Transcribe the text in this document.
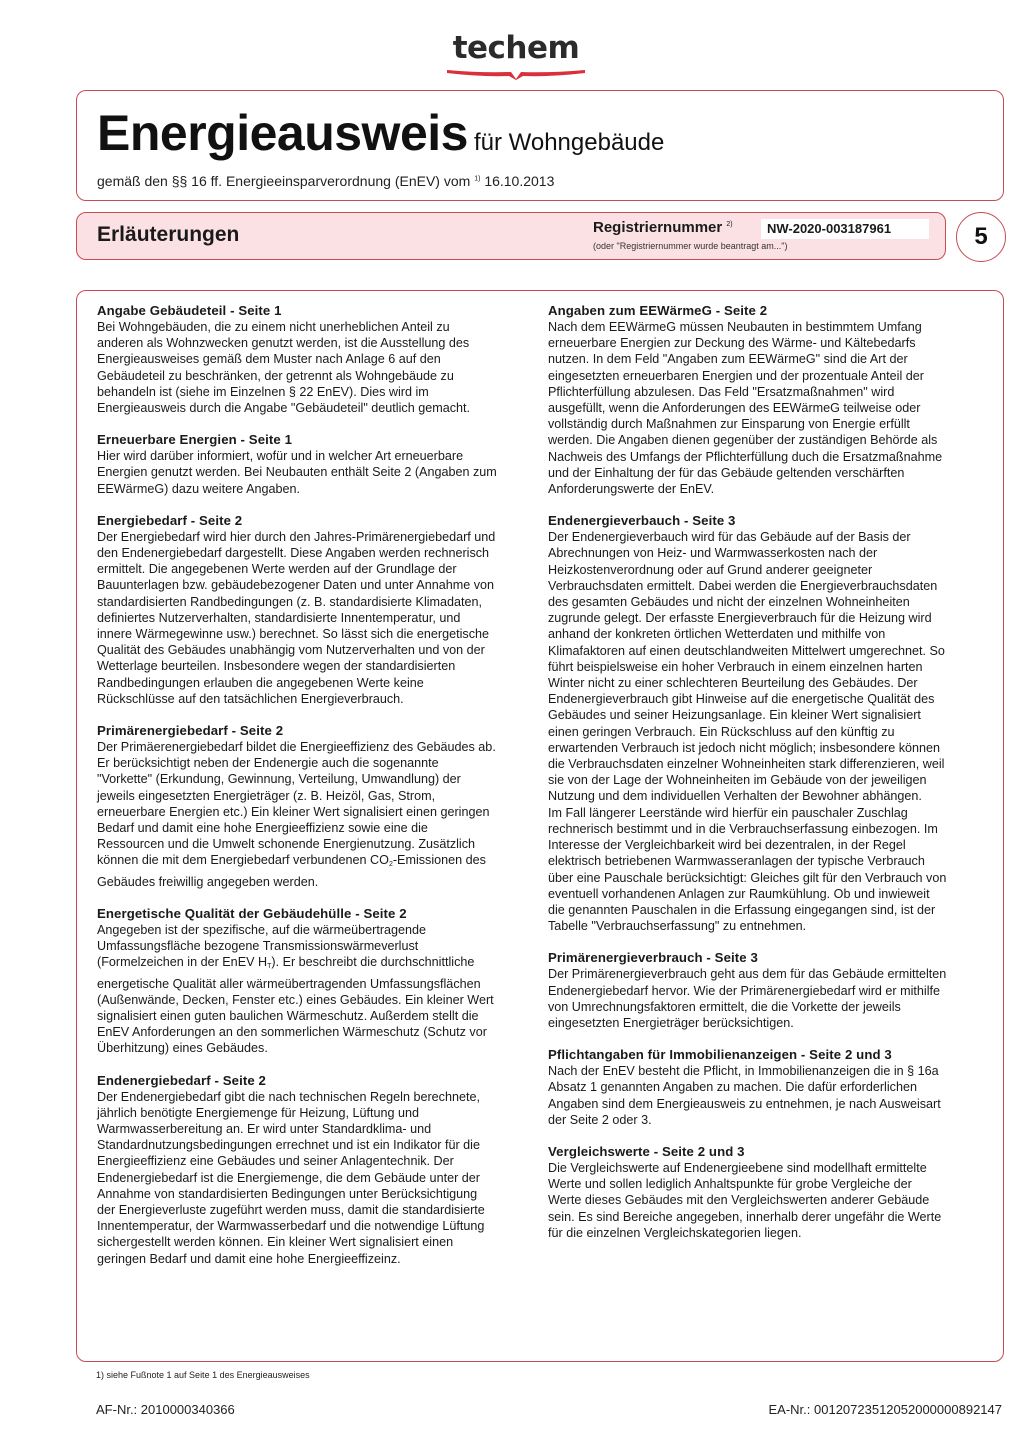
techem
Energieausweis für Wohngebäude
gemäß den §§ 16 ff. Energieeinsparverordnung (EnEV) vom $^{1)}$ 16.10.2013
Erläuterungen	Registriernummer $^{2)}$
(oder "Registriernummer wurde beantragt am...")
NW-2020-003187961	5
Angabe Gebäudeteil - Seite 1

Bei Wohngebäuden, die zu einem nicht unerheblichen Anteil zu anderen als Wohnzwecken genutzt werden, ist die Ausstellung des Energieausweises gemäß dem Muster nach Anlage 6 auf den Gebäudeteil zu beschränken, der getrennt als Wohngebäude zu behandeln ist (siehe im Einzelnen § 22 EnEV). Dies wird im Energieausweis durch die Angabe "Gebäudeteil" deutlich gemacht.

Erneuerbare Energien - Seite 1

Hier wird darüber informiert, wofür und in welcher Art erneuerbare Energien genutzt werden. Bei Neubauten enthält Seite 2 (Angaben zum EEWärmeG) dazu weitere Angaben.

Energiebedarf - Seite 2

Der Energiebedarf wird hier durch den Jahres-Primärenergiebedarf und den Endenergiebedarf dargestellt. Diese Angaben werden rechnerisch ermittelt. Die angegebenen Werte werden auf der Grundlage der Bauunterlagen bzw. gebäudebezogener Daten und unter Annahme von standardisierten Randbedingungen (z. B. standardisierte Klimadaten, definiertes Nutzerverhalten, standardisierte Innentemperatur, und innere Wärmegewinne usw.) berechnet. So lässt sich die energetische Qualität des Gebäudes unabhängig vom Nutzerverhalten und von der Wetterlage beurteilen. Insbesondere wegen der standardisierten Randbedingungen erlauben die angegebenen Werte keine Rückschlüsse auf den tatsächlichen Energieverbrauch.

Primärenergiebedarf - Seite 2

Der Primäerenergiebedarf bildet die Energieeffizienz des Gebäudes ab. Er berücksichtigt neben der Endenergie auch die sogenannte "Vorkette" (Erkundung, Gewinnung, Verteilung, Umwandlung) der jeweils eingesetzten Energieträger (z. B. Heizöl, Gas, Strom, erneuerbare Energien etc.) Ein kleiner Wert signalisiert einen geringen Bedarf und damit eine hohe Energieeffizienz sowie eine die Ressourcen und die Umwelt schonende Energienutzung. Zusätzlich können die mit dem Energiebedarf verbundenen CO2-Emissionen des Gebäudes freiwillig angegeben werden.

Energetische Qualität der Gebäudehülle - Seite 2

Angegeben ist der spezifische, auf die wärmeübertragende Umfassungsfläche bezogene Transmissionswärmeverlust (Formelzeichen in der EnEV HT). Er beschreibt die durchschnittliche energetische Qualität aller wärmeübertragenden Umfassungsflächen (Außenwände, Decken, Fenster etc.) eines Gebäudes. Ein kleiner Wert signalisiert einen guten baulichen Wärmeschutz. Außerdem stellt die EnEV Anforderungen an den sommerlichen Wärmeschutz (Schutz vor Überhitzung) eines Gebäudes.

Endenergiebedarf - Seite 2

Der Endenergiebedarf gibt die nach technischen Regeln berechnete, jährlich benötigte Energiemenge für Heizung, Lüftung und Warmwasserbereitung an. Er wird unter Standardklima- und Standardnutzungsbedingungen errechnet und ist ein Indikator für die Energieeffizienz eine Gebäudes und seiner Anlagentechnik. Der Endenergiebedarf ist die Energiemenge, die dem Gebäude unter der Annahme von standardisierten Bedingungen unter Berücksichtigung der Energieverluste zugeführt werden muss, damit die standardisierte Innentemperatur, der Warmwasserbedarf und die notwendige Lüftung sichergestellt werden können. Ein kleiner Wert signalisiert einen geringen Bedarf und damit eine hohe Energieeffizeinz.

Angaben zum EEWärmeG - Seite 2

Nach dem EEWärmeG müssen Neubauten in bestimmtem Umfang erneuerbare Energien zur Deckung des Wärme- und Kältebedarfs nutzen. In dem Feld "Angaben zum EEWärmeG" sind die Art der eingesetzten erneuerbaren Energien und der prozentuale Anteil der Pflichterfüllung abzulesen. Das Feld "Ersatzmaßnahmen" wird ausgefüllt, wenn die Anforderungen des EEWärmeG teilweise oder vollständig durch Maßnahmen zur Einsparung von Energie erfüllt werden. Die Angaben dienen gegenüber der zuständigen Behörde als Nachweis des Umfangs der Pflichterfüllung duch die Ersatzmaßnahme und der Einhaltung der für das Gebäude geltenden verschärften Anforderungswerte der EnEV.

Endenergieverbauch - Seite 3

Der Endenergieverbauch wird für das Gebäude auf der Basis der Abrechnungen von Heiz- und Warmwasserkosten nach der Heizkostenverordnung oder auf Grund anderer geeigneter Verbrauchsdaten ermittelt. Dabei werden die Energieverbrauchsdaten des gesamten Gebäudes und nicht der einzelnen Wohneinheiten zugrunde gelegt. Der erfasste Energieverbrauch für die Heizung wird anhand der konkreten örtlichen Wetterdaten und mithilfe von Klimafaktoren auf einen deutschlandweiten Mittelwert umgerechnet. So führt beispielsweise ein hoher Verbrauch in einem einzelnen harten Winter nicht zu einer schlechteren Beurteilung des Gebäudes. Der Endenergieverbrauch gibt Hinweise auf die energetische Qualität des Gebäudes und seiner Heizungsanlage. Ein kleiner Wert signalisiert einen geringen Verbrauch. Ein Rückschluss auf den künftig zu erwartenden Verbrauch ist jedoch nicht möglich; insbesondere können die Verbrauchsdaten einzelner Wohneinheiten stark differenzieren, weil sie von der Lage der Wohneinheiten im Gebäude von der jeweiligen Nutzung und dem individuellen Verhalten der Bewohner abhängen.

Im Fall längerer Leerstände wird hierfür ein pauschaler Zuschlag rechnerisch bestimmt und in die Verbrauchserfassung einbezogen. Im Interesse der Vergleichbarkeit wird bei dezentralen, in der Regel elektrisch betriebenen Warmwasseranlagen der typische Verbrauch über eine Pauschale berücksichtigt: Gleiches gilt für den Verbrauch von eventuell vorhandenen Anlagen zur Raumkühlung. Ob und inwieweit die genannten Pauschalen in die Erfassung eingegangen sind, ist der Tabelle "Verbrauchserfassung" zu entnehmen.

Primärenergieverbrauch - Seite 3

Der Primärenergieverbrauch geht aus dem für das Gebäude ermittelten Endenergiebedarf hervor. Wie der Primärenergiebedarf wird er mithilfe von Umrechnungsfaktoren ermittelt, die die Vorkette der jeweils eingesetzten Energieträger berücksichtigen.

Pflichtangaben für Immobilienanzeigen - Seite 2 und 3

Nach der EnEV besteht die Pflicht, in Immobilienanzeigen die in § 16a Absatz 1 genannten Angaben zu machen. Die dafür erforderlichen Angaben sind dem Energieausweis zu entnehmen, je nach Ausweisart der Seite 2 oder 3.

Vergleichswerte - Seite 2 und 3

Die Vergleichswerte auf Endenergieebene sind modellhaft ermittelte Werte und sollen lediglich Anhaltspunkte für grobe Vergleiche der Werte dieses Gebäudes mit den Vergleichswerten anderer Gebäude sein. Es sind Bereiche angegeben, innerhalb derer ungefähr die Werte für die einzelnen Vergleichskategorien liegen.

1) siehe Fußnote 1 auf Seite 1 des Energieausweises
AF-Nr.: 2010000340366	EA-Nr.: 00120723512052000000892147
